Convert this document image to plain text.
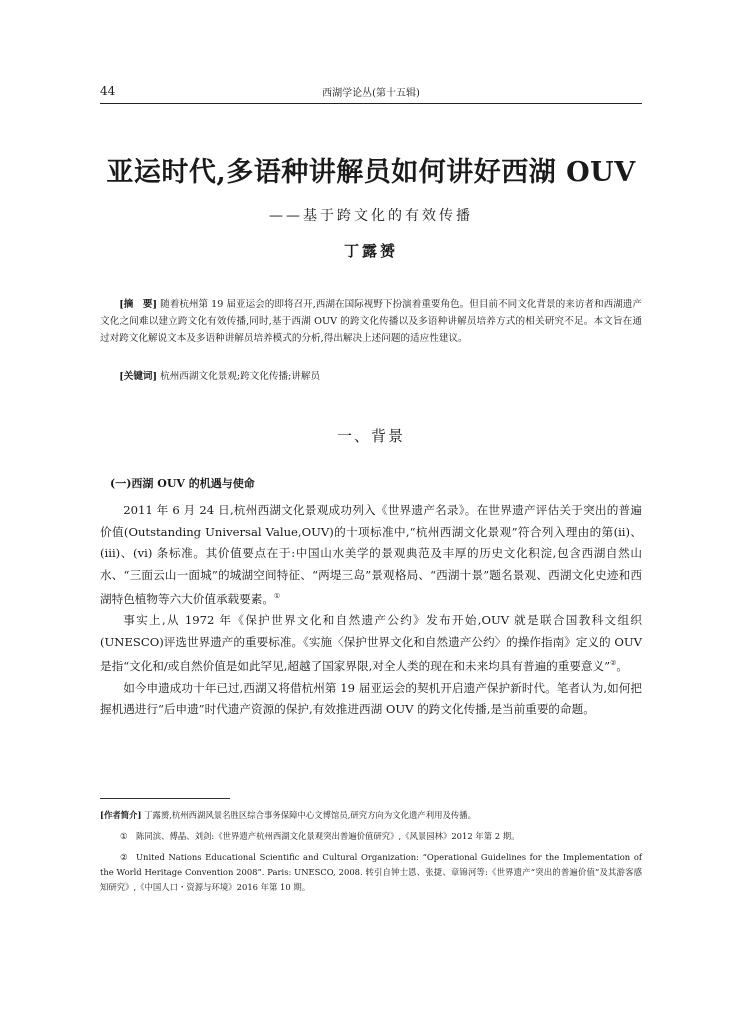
44	西湖学论丛(第十五辑)
亚运时代,多语种讲解员如何讲好西湖 OUV
——基于跨文化的有效传播
丁露赟
[摘　要] 随着杭州第 19 届亚运会的即将召开,西湖在国际视野下扮演着重要角色。但目前不同文化背景的来访者和西湖遗产文化之间难以建立跨文化有效传播,同时,基于西湖 OUV 的跨文化传播以及多语种讲解员培养方式的相关研究不足。本文旨在通过对跨文化解说文本及多语种讲解员培养模式的分析,得出解决上述问题的适应性建议。
[关键词] 杭州西湖文化景观;跨文化传播;讲解员
一、背景
(一)西湖 OUV 的机遇与使命

2011 年 6 月 24 日,杭州西湖文化景观成功列入《世界遗产名录》。在世界遗产评估关于突出的普遍价值(Outstanding Universal Value,OUV)的十项标准中,“杭州西湖文化景观”符合列入理由的第(ii)、(iii)、(vi) 条标准。其价值要点在于:中国山水美学的景观典范及丰厚的历史文化积淀,包含西湖自然山水、“三面云山一面城”的城湖空间特征、“两堤三岛”景观格局、“西湖十景”题名景观、西湖文化史迹和西湖特色植物等六大价值承载要素。①

事实上,从 1972 年《保护世界文化和自然遗产公约》发布开始,OUV 就是联合国教科文组织(UNESCO)评选世界遗产的重要标准。《实施〈保护世界文化和自然遗产公约〉的操作指南》定义的 OUV 是指“文化和/或自然价值是如此罕见,超越了国家界限,对全人类的现在和未来均具有普遍的重要意义”②。

如今申遗成功十年已过,西湖又将借杭州第 19 届亚运会的契机开启遗产保护新时代。笔者认为,如何把握机遇进行“后申遗”时代遗产资源的保护,有效推进西湖 OUV 的跨文化传播,是当前重要的命题。

[作者简介] 丁露赟,杭州西湖风景名胜区综合事务保障中心文博馆员,研究方向为文化遗产利用及传播。

① 陈同滨、傅晶、刘剑:《世界遗产杭州西湖文化景观突出普遍价值研究》,《风景园林》2012 年第 2 期。

② United Nations Educational Scientific and Cultural Organization: “Operational Guidelines for the Implementation of the World Heritage Convention 2008”. Paris: UNESCO, 2008. 转引自钟士恩、张捷、章锦河等:《世界遗产“突出的普遍价值”及其游客感知研究》,《中国人口・资源与环境》2016 年第 10 期。
